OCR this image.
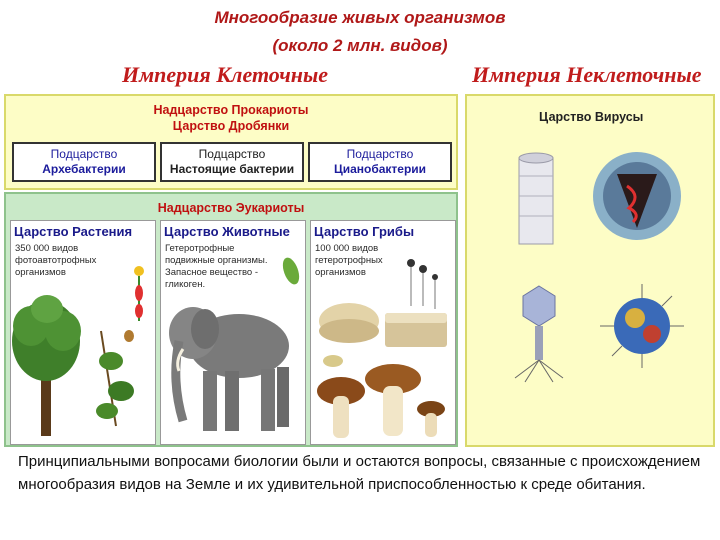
Многообразие живых организмов
(около 2 млн. видов)
Империя Клеточные	Империя Неклеточные
Надцарство Прокариоты
Царство Дробянки
Подцарство
Архебактерии
Подцарство
Настоящие бактерии
Подцарство
Цианобактерии
Надцарство Эукариоты
Царство Растения
350 000 видов фотоавтотрофных организмов
Царство Животные
Гетеротрофные подвижные организмы. Запасное вещество - гликоген.
Царство Грибы
100 000 видов гетеротрофных организмов
Царство Вирусы
Принципиальными вопросами биологии были и остаются вопросы, связанные с происхождением многообразия видов на Земле и их удивительной приспособленностью к среде обитания.
